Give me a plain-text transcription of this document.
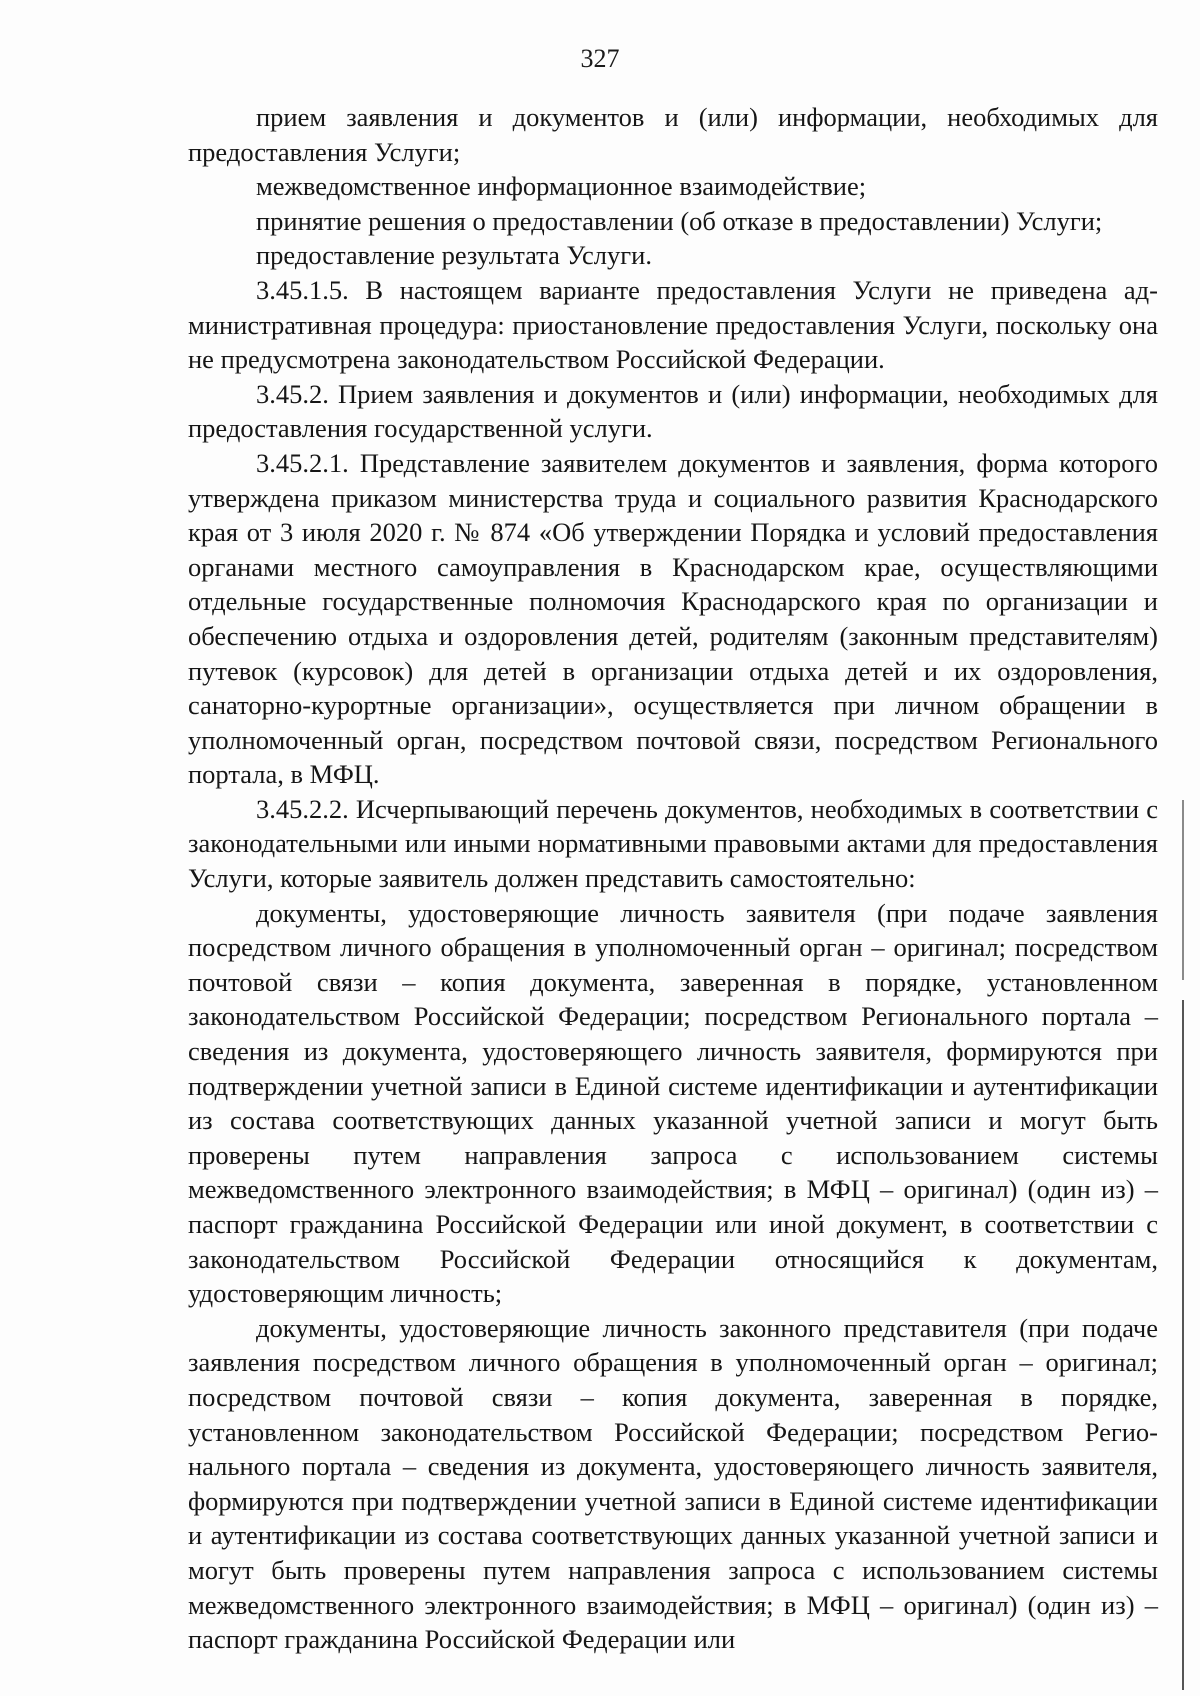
327

прием заявления и документов и (или) информации, необходимых для предоставления Услуги;

межведомственное информационное взаимодействие;

принятие решения о предоставлении (об отказе в предоставлении) Услуги;

предоставление результата Услуги.

3.45.1.5. В настоящем варианте предоставления Услуги не приведена административная процедура: приостановление предоставления Услуги, поскольку она не предусмотрена законодательством Российской Федерации.

3.45.2. Прием заявления и документов и (или) информации, необходимых для предоставления государственной услуги.

3.45.2.1. Представление заявителем документов и заявления, форма которого утверждена приказом министерства труда и социального развития Краснодарского края от 3 июля 2020 г. № 874 «Об утверждении Порядка и условий предоставления органами местного самоуправления в Краснодарском крае, осуществляющими отдельные государственные полномочия Краснодарского края по организации и обеспечению отдыха и оздоровления детей, родителям (законным представителям) путевок (курсовок) для детей в организации отдыха детей и их оздоровления, санаторно-курортные организации», осуществляется при личном обращении в уполномоченный орган, посредством почтовой связи, посредством Регионального портала, в МФЦ.

3.45.2.2. Исчерпывающий перечень документов, необходимых в соответствии с законодательными или иными нормативными правовыми актами для предоставления Услуги, которые заявитель должен представить самостоятельно:

документы, удостоверяющие личность заявителя (при подаче заявления посредством личного обращения в уполномоченный орган – оригинал; посредством почтовой связи – копия документа, заверенная в порядке, установленном законодательством Российской Федерации; посредством Регионального портала – сведения из документа, удостоверяющего личность заявителя, формируются при подтверждении учетной записи в Единой системе идентификации и аутентификации из состава соответствующих данных указанной учетной записи и могут быть проверены путем направления запроса с использованием системы межведомственного электронного взаимодействия; в МФЦ – оригинал) (один из) – паспорт гражданина Российской Федерации или иной документ, в соответствии с законодательством Российской Федерации относящийся к документам, удостоверяющим личность;

документы, удостоверяющие личность законного представителя (при подаче заявления посредством личного обращения в уполномоченный орган – оригинал; посредством почтовой связи – копия документа, заверенная в порядке, установленном законодательством Российской Федерации; посредством Регионального портала – сведения из документа, удостоверяющего личность заявителя, формируются при подтверждении учетной записи в Единой системе идентификации и аутентификации из состава соответствующих данных указанной учетной записи и могут быть проверены путем направления запроса с использованием системы межведомственного электронного взаимодействия; в МФЦ – оригинал) (один из) – паспорт гражданина Российской Федерации или
